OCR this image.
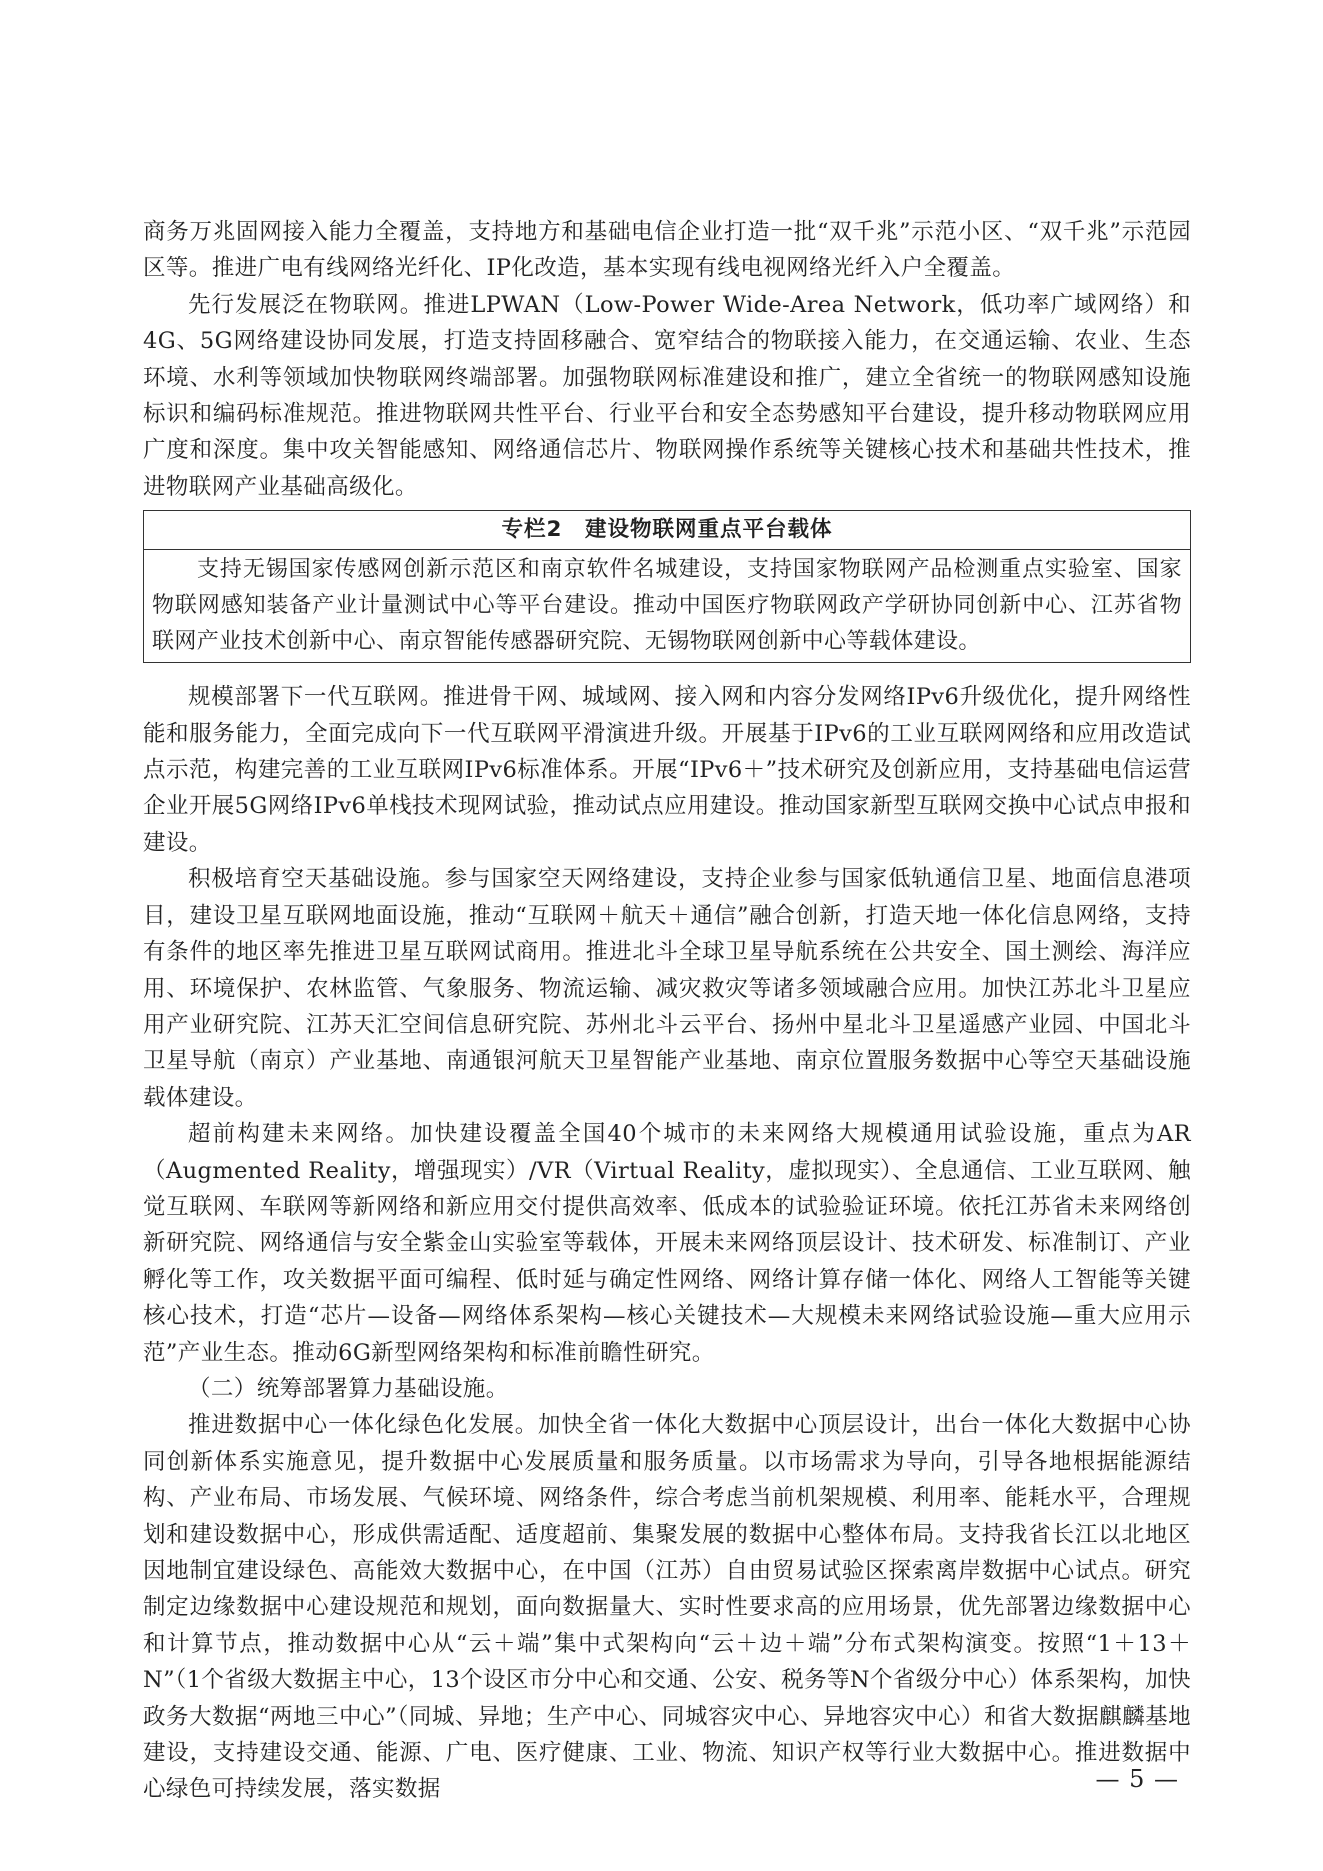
商务万兆固网接入能力全覆盖，支持地方和基础电信企业打造一批“双千兆”示范小区、“双千兆”示范园区等。推进广电有线网络光纤化、IP化改造，基本实现有线电视网络光纤入户全覆盖。

先行发展泛在物联网。推进LPWAN（Low-Power Wide-Area Network，低功率广域网络）和4G、5G网络建设协同发展，打造支持固移融合、宽窄结合的物联接入能力，在交通运输、农业、生态环境、水利等领域加快物联网终端部署。加强物联网标准建设和推广，建立全省统一的物联网感知设施标识和编码标准规范。推进物联网共性平台、行业平台和安全态势感知平台建设，提升移动物联网应用广度和深度。集中攻关智能感知、网络通信芯片、物联网操作系统等关键核心技术和基础共性技术，推进物联网产业基础高级化。

专栏2　建设物联网重点平台载体

支持无锡国家传感网创新示范区和南京软件名城建设，支持国家物联网产品检测重点实验室、国家物联网感知装备产业计量测试中心等平台建设。推动中国医疗物联网政产学研协同创新中心、江苏省物联网产业技术创新中心、南京智能传感器研究院、无锡物联网创新中心等载体建设。

规模部署下一代互联网。推进骨干网、城域网、接入网和内容分发网络IPv6升级优化，提升网络性能和服务能力，全面完成向下一代互联网平滑演进升级。开展基于IPv6的工业互联网网络和应用改造试点示范，构建完善的工业互联网IPv6标准体系。开展“IPv6＋”技术研究及创新应用，支持基础电信运营企业开展5G网络IPv6单栈技术现网试验，推动试点应用建设。推动国家新型互联网交换中心试点申报和建设。

积极培育空天基础设施。参与国家空天网络建设，支持企业参与国家低轨通信卫星、地面信息港项目，建设卫星互联网地面设施，推动“互联网＋航天＋通信”融合创新，打造天地一体化信息网络，支持有条件的地区率先推进卫星互联网试商用。推进北斗全球卫星导航系统在公共安全、国土测绘、海洋应用、环境保护、农林监管、气象服务、物流运输、减灾救灾等诸多领域融合应用。加快江苏北斗卫星应用产业研究院、江苏天汇空间信息研究院、苏州北斗云平台、扬州中星北斗卫星遥感产业园、中国北斗卫星导航（南京）产业基地、南通银河航天卫星智能产业基地、南京位置服务数据中心等空天基础设施载体建设。

超前构建未来网络。加快建设覆盖全国40个城市的未来网络大规模通用试验设施，重点为AR（Augmented Reality，增强现实）/VR（Virtual Reality，虚拟现实）、全息通信、工业互联网、触觉互联网、车联网等新网络和新应用交付提供高效率、低成本的试验验证环境。依托江苏省未来网络创新研究院、网络通信与安全紫金山实验室等载体，开展未来网络顶层设计、技术研发、标准制订、产业孵化等工作，攻关数据平面可编程、低时延与确定性网络、网络计算存储一体化、网络人工智能等关键核心技术，打造“芯片—设备—网络体系架构—核心关键技术—大规模未来网络试验设施—重大应用示范”产业生态。推动6G新型网络架构和标准前瞻性研究。

（二）统筹部署算力基础设施。

推进数据中心一体化绿色化发展。加快全省一体化大数据中心顶层设计，出台一体化大数据中心协同创新体系实施意见，提升数据中心发展质量和服务质量。以市场需求为导向，引导各地根据能源结构、产业布局、市场发展、气候环境、网络条件，综合考虑当前机架规模、利用率、能耗水平，合理规划和建设数据中心，形成供需适配、适度超前、集聚发展的数据中心整体布局。支持我省长江以北地区因地制宜建设绿色、高能效大数据中心，在中国（江苏）自由贸易试验区探索离岸数据中心试点。研究制定边缘数据中心建设规范和规划，面向数据量大、实时性要求高的应用场景，优先部署边缘数据中心和计算节点，推动数据中心从“云＋端”集中式架构向“云＋边＋端”分布式架构演变。按照“1＋13＋N”（1个省级大数据主中心，13个设区市分中心和交通、公安、税务等N个省级分中心）体系架构，加快政务大数据“两地三中心”（同城、异地；生产中心、同城容灾中心、异地容灾中心）和省大数据麒麟基地建设，支持建设交通、能源、广电、医疗健康、工业、物流、知识产权等行业大数据中心。推进数据中心绿色可持续发展，落实数据	— 5 —
